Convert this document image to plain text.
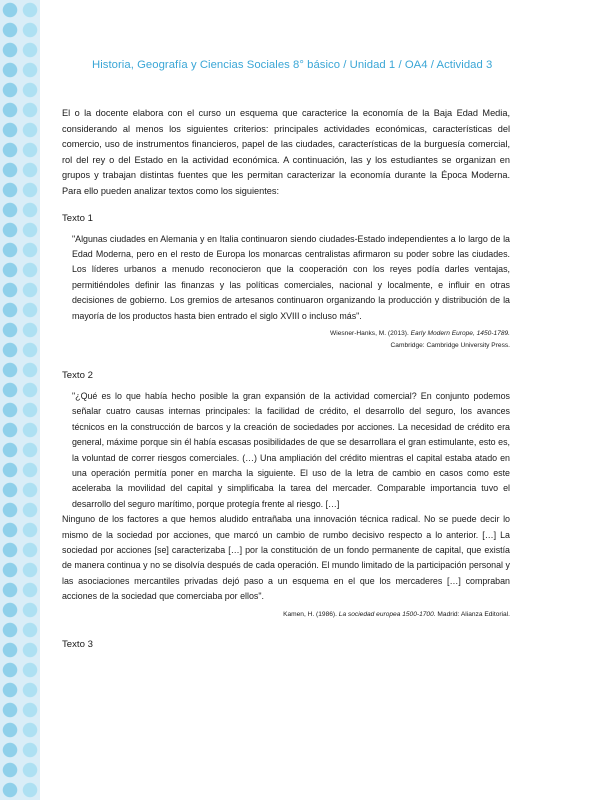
Historia, Geografía y Ciencias Sociales 8° básico / Unidad 1 / OA4 / Actividad 3

El o la docente elabora con el curso un esquema que caracterice la economía de la Baja Edad Media, considerando al menos los siguientes criterios: principales actividades económicas, características del comercio, uso de instrumentos financieros, papel de las ciudades, características de la burguesía comercial, rol del rey o del Estado en la actividad económica. A continuación, las y los estudiantes se organizan en grupos y trabajan distintas fuentes que les permitan caracterizar la economía durante la Época Moderna. Para ello pueden analizar textos como los siguientes:

Texto 1

"Algunas ciudades en Alemania y en Italia continuaron siendo ciudades-Estado independientes a lo largo de la Edad Moderna, pero en el resto de Europa los monarcas centralistas afirmaron su poder sobre las ciudades. Los líderes urbanos a menudo reconocieron que la cooperación con los reyes podía darles ventajas, permitiéndoles definir las finanzas y las políticas comerciales, nacional y localmente, e influir en otras decisiones de gobierno. Los gremios de artesanos continuaron organizando la producción y distribución de la mayoría de los productos hasta bien entrado el siglo XVIII o incluso más".

Wiesner-Hanks, M. (2013). Early Modern Europe, 1450-1789.
Cambridge: Cambridge University Press.
Texto 2

"¿Qué es lo que había hecho posible la gran expansión de la actividad comercial? En conjunto podemos señalar cuatro causas internas principales: la facilidad de crédito, el desarrollo del seguro, los avances técnicos en la construcción de barcos y la creación de sociedades por acciones. La necesidad de crédito era general, máxime porque sin él había escasas posibilidades de que se desarrollara el gran estimulante, esto es, la voluntad de correr riesgos comerciales. (…) Una ampliación del crédito mientras el capital estaba atado en una operación permitía poner en marcha la siguiente. El uso de la letra de cambio en casos como este aceleraba la movilidad del capital y simplificaba la tarea del mercader. Comparable importancia tuvo el desarrollo del seguro marítimo, porque protegía frente al riesgo. […]

Ninguno de los factores a que hemos aludido entrañaba una innovación técnica radical. No se puede decir lo mismo de la sociedad por acciones, que marcó un cambio de rumbo decisivo respecto a lo anterior. […] La sociedad por acciones [se] caracterizaba […] por la constitución de un fondo permanente de capital, que existía de manera continua y no se disolvía después de cada operación. El mundo limitado de la participación personal y las asociaciones mercantiles privadas dejó paso a un esquema en el que los mercaderes […] compraban acciones de la sociedad que comerciaba por ellos".

Kamen, H. (1986). La sociedad europea 1500-1700. Madrid: Alianza Editorial.
Texto 3
